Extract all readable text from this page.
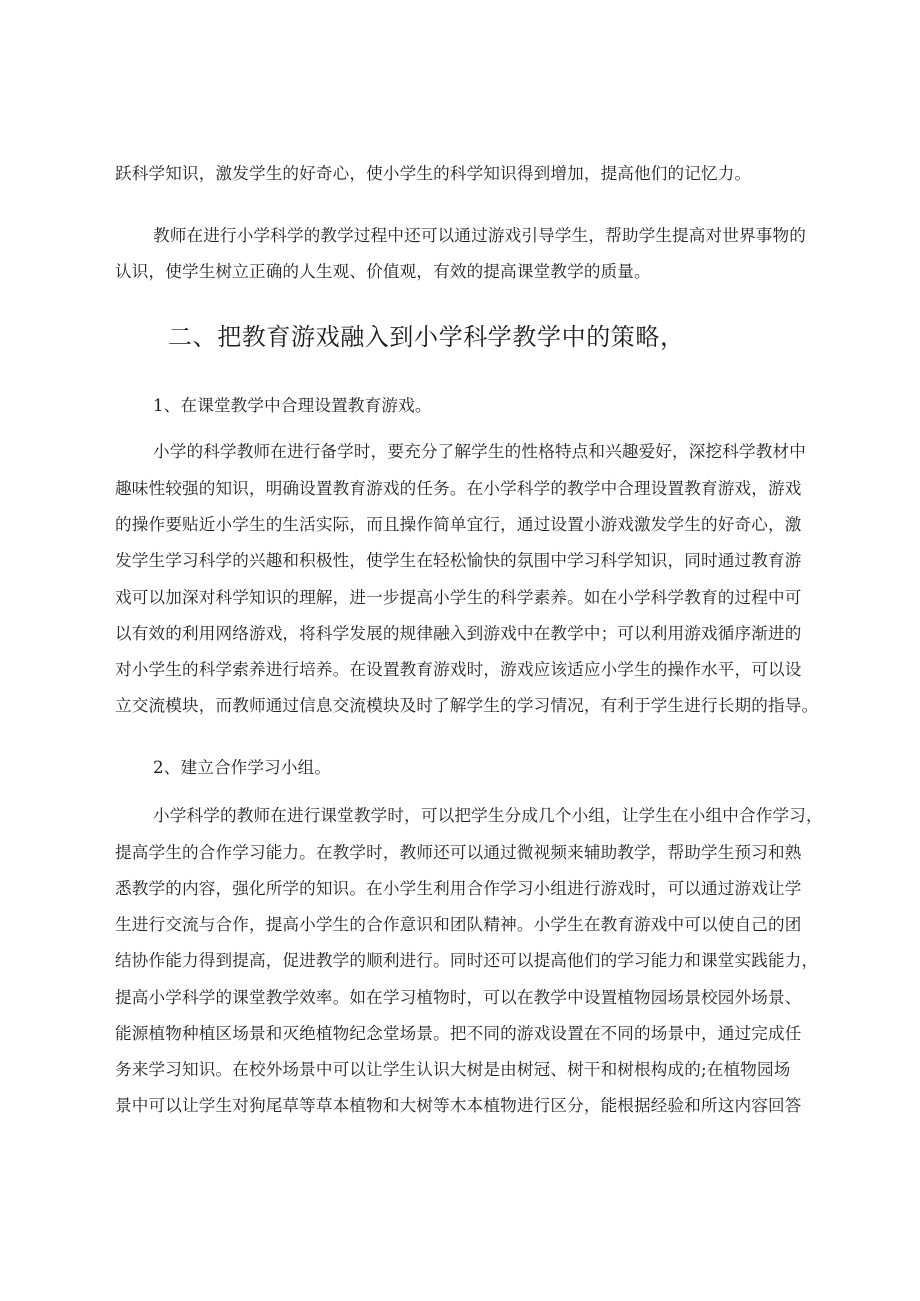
跃科学知识，激发学生的好奇心，使小学生的科学知识得到增加，提高他们的记忆力。
教师在进行小学科学的教学过程中还可以通过游戏引导学生，帮助学生提高对世界事物的
认识，使学生树立正确的人生观、价值观，有效的提高课堂教学的质量。
二、把教育游戏融入到小学科学教学中的策略，
1、在课堂教学中合理设置教育游戏。
小学的科学教师在进行备学时，要充分了解学生的性格特点和兴趣爱好，深挖科学教材中
趣味性较强的知识，明确设置教育游戏的任务。在小学科学的教学中合理设置教育游戏，游戏
的操作要贴近小学生的生活实际，而且操作简单宜行，通过设置小游戏激发学生的好奇心，激
发学生学习科学的兴趣和积极性，使学生在轻松愉快的氛围中学习科学知识，同时通过教育游
戏可以加深对科学知识的理解，进一步提高小学生的科学素养。如在小学科学教育的过程中可
以有效的利用网络游戏，将科学发展的规律融入到游戏中在教学中；可以利用游戏循序渐进的
对小学生的科学索养进行培养。在设置教育游戏时，游戏应该适应小学生的操作水平，可以设
立交流模块，而教师通过信息交流模块及时了解学生的学习情况，有利于学生进行长期的指导。
2、建立合作学习小组。
小学科学的教师在进行课堂教学时，可以把学生分成几个小组，让学生在小组中合作学习，
提高学生的合作学习能力。在教学时，教师还可以通过微视频来辅助教学，帮助学生预习和熟
悉教学的内容，强化所学的知识。在小学生利用合作学习小组进行游戏时，可以通过游戏让学
生进行交流与合作，提高小学生的合作意识和团队精神。小学生在教育游戏中可以使自己的团
结协作能力得到提高，促进教学的顺利进行。同时还可以提高他们的学习能力和课堂实践能力，
提高小学科学的课堂教学效率。如在学习植物时，可以在教学中设置植物园场景校园外场景、
能源植物种植区场景和灭绝植物纪念堂场景。把不同的游戏设置在不同的场景中，通过完成任
务来学习知识。在校外场景中可以让学生认识大树是由树冠、树干和树根构成的;在植物园场
景中可以让学生对狗尾草等草本植物和大树等木本植物进行区分，能根据经验和所这内容回答
